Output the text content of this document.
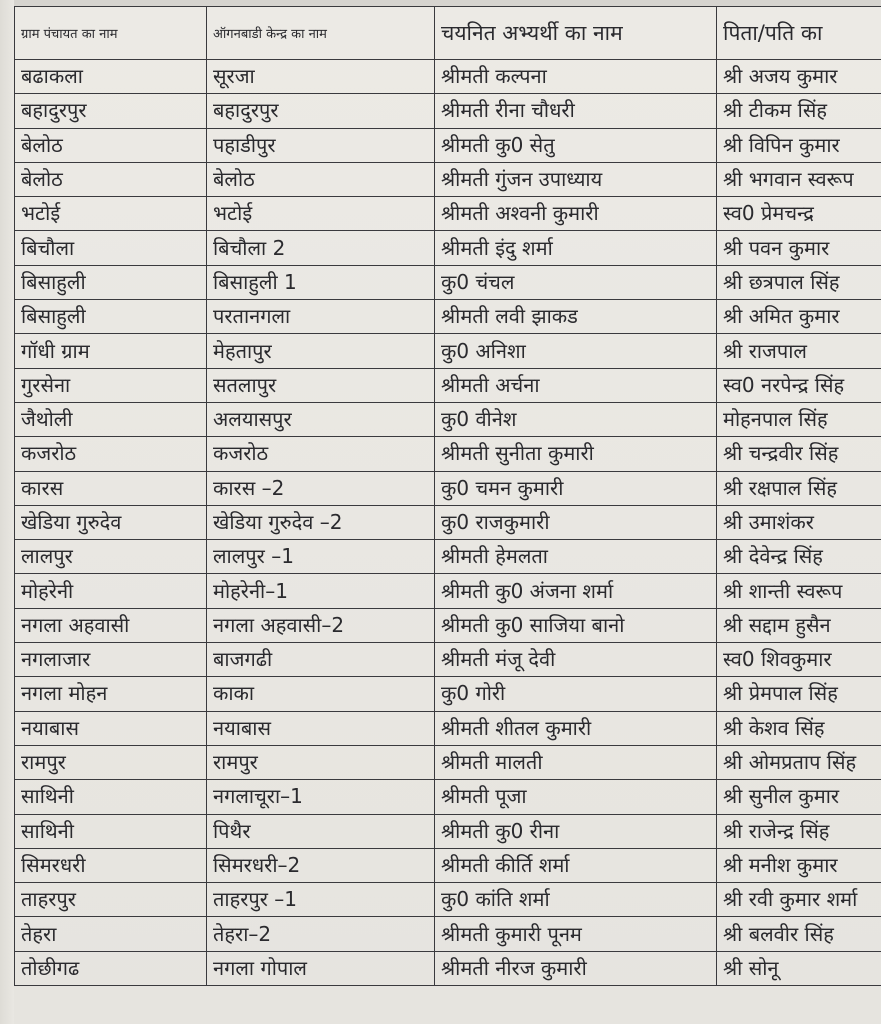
ग्राम पंचायत का नाम	ऑगनबाडी केन्द्र का नाम	चयनित अभ्यर्थी का नाम	पिता/पति का
बढाकला	सूरजा	श्रीमती कल्पना	श्री अजय कुमार
बहादुरपुर	बहादुरपुर	श्रीमती रीना चौधरी	श्री टीकम सिंह
बेलोठ	पहाडीपुर	श्रीमती कु0 सेतु	श्री विपिन कुमार
बेलोठ	बेलोठ	श्रीमती गुंजन उपाध्याय	श्री भगवान स्वरूप
भटोई	भटोई	श्रीमती अश्वनी कुमारी	स्व0 प्रेमचन्द्र
बिचौला	बिचौला 2	श्रीमती इंदु शर्मा	श्री पवन कुमार
बिसाहुली	बिसाहुली 1	कु0 चंचल	श्री छत्रपाल सिंह
बिसाहुली	परतानगला	श्रीमती लवी झाकड	श्री अमित कुमार
गॉधी ग्राम	मेहतापुर	कु0 अनिशा	श्री राजपाल
गुरसेना	सतलापुर	श्रीमती अर्चना	स्व0 नरपेन्द्र सिंह
जैथोली	अलयासपुर	कु0 वीनेश	मोहनपाल सिंह
कजरोठ	कजरोठ	श्रीमती सुनीता कुमारी	श्री चन्द्रवीर सिंह
कारस	कारस –2	कु0 चमन कुमारी	श्री रक्षपाल सिंह
खेडिया गुरुदेव	खेडिया गुरुदेव –2	कु0 राजकुमारी	श्री उमाशंकर
लालपुर	लालपुर –1	श्रीमती हेमलता	श्री देवेन्द्र सिंह
मोहरेनी	मोहरेनी–1	श्रीमती कु0 अंजना शर्मा	श्री शान्ती स्वरूप
नगला अहवासी	नगला अहवासी–2	श्रीमती कु0 साजिया बानो	श्री सद्दाम हुसैन
नगलाजार	बाजगढी	श्रीमती मंजू देवी	स्व0 शिवकुमार
नगला मोहन	काका	कु0 गोरी	श्री प्रेमपाल सिंह
नयाबास	नयाबास	श्रीमती शीतल कुमारी	श्री केशव सिंह
रामपुर	रामपुर	श्रीमती मालती	श्री ओमप्रताप सिंह
साथिनी	नगलाचूरा–1	श्रीमती पूजा	श्री सुनील कुमार
साथिनी	पिथैर	श्रीमती कु0 रीना	श्री राजेन्द्र सिंह
सिमरधरी	सिमरधरी–2	श्रीमती कीर्ति शर्मा	श्री मनीश कुमार
ताहरपुर	ताहरपुर –1	कु0 कांति शर्मा	श्री रवी कुमार शर्मा
तेहरा	तेहरा–2	श्रीमती कुमारी पूनम	श्री बलवीर सिंह
तोछीगढ	नगला गोपाल	श्रीमती नीरज कुमारी	श्री सोनू
